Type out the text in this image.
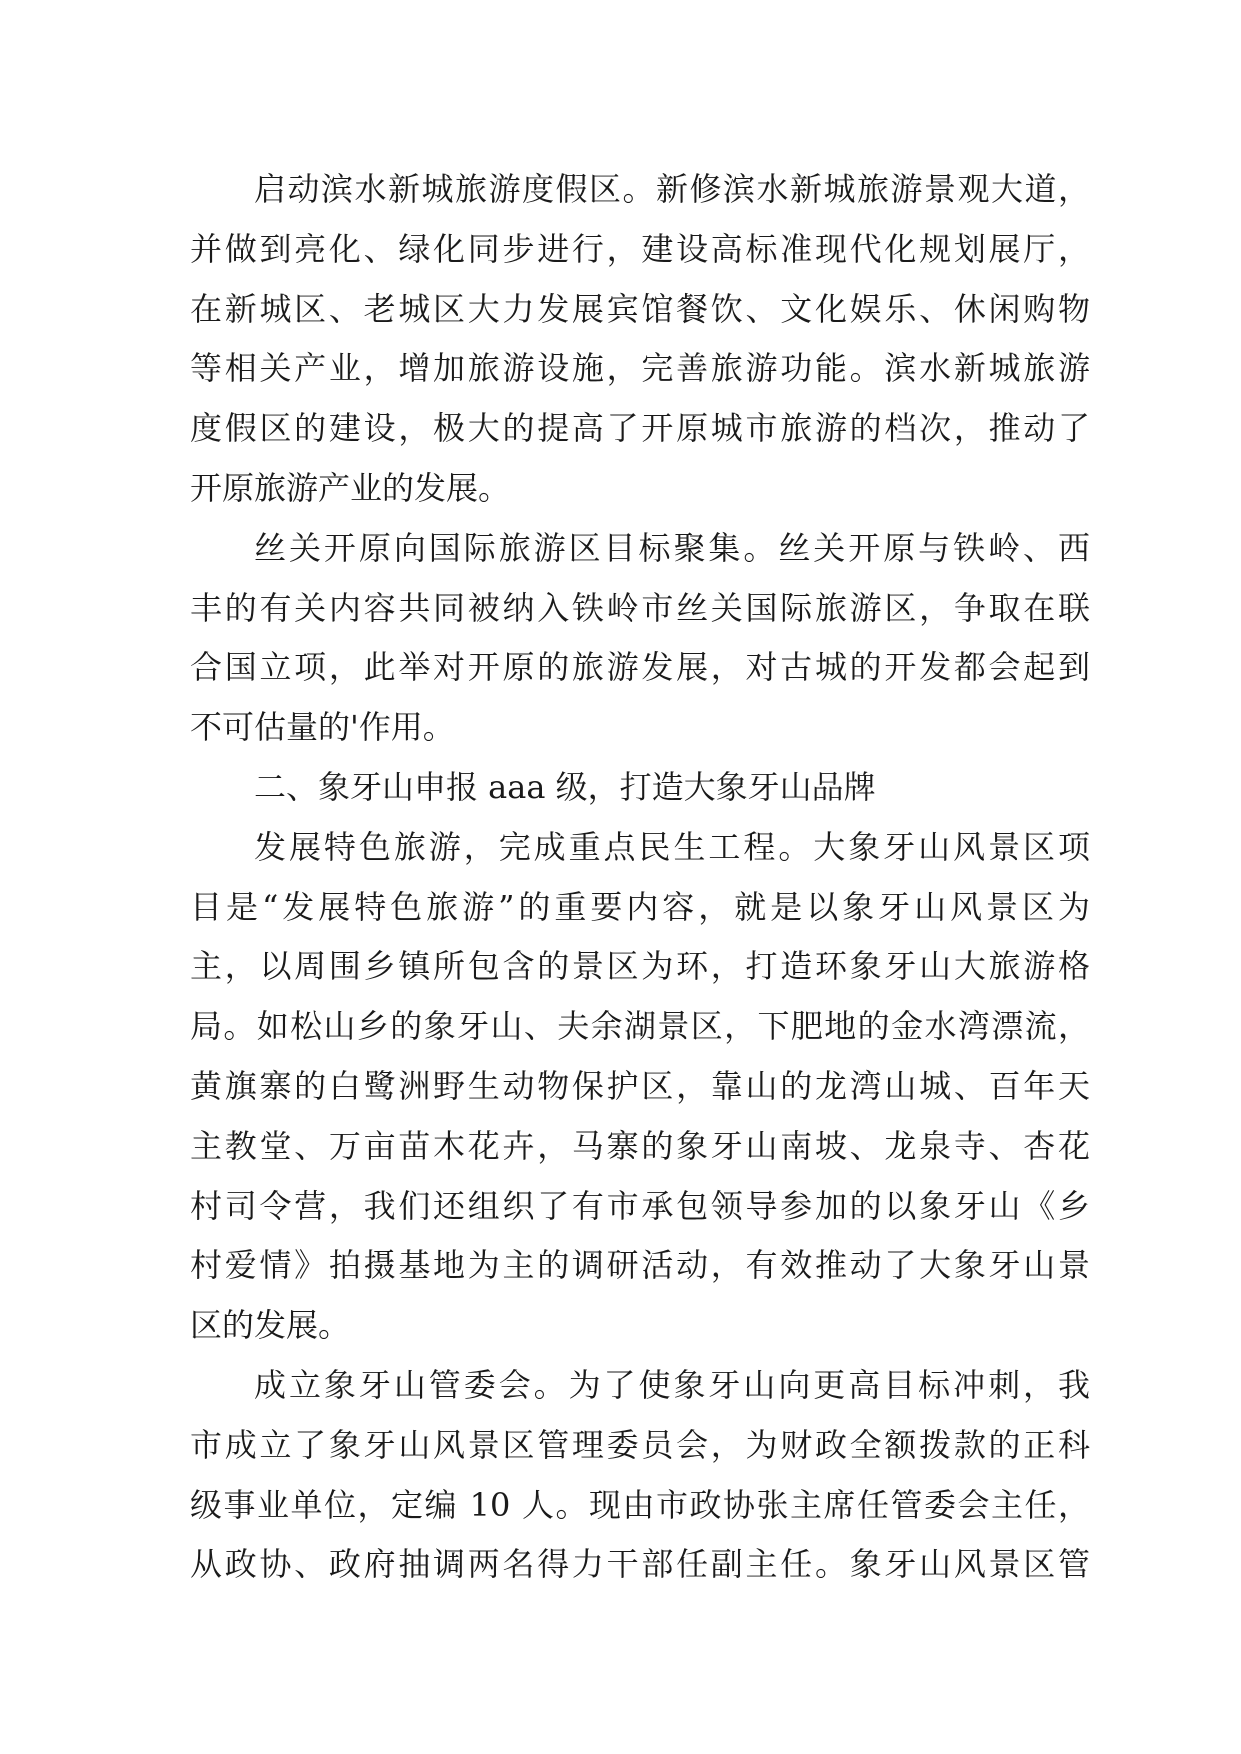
启动滨水新城旅游度假区。新修滨水新城旅游景观大道，
并做到亮化、绿化同步进行，建设高标准现代化规划展厅，
在新城区、老城区大力发展宾馆餐饮、文化娱乐、休闲购物
等相关产业，增加旅游设施，完善旅游功能。滨水新城旅游
度假区的建设，极大的提高了开原城市旅游的档次，推动了
开原旅游产业的发展。
丝关开原向国际旅游区目标聚集。丝关开原与铁岭、西
丰的有关内容共同被纳入铁岭市丝关国际旅游区，争取在联
合国立项，此举对开原的旅游发展，对古城的开发都会起到
不可估量的'作用。
二、象牙山申报 aaa 级，打造大象牙山品牌
发展特色旅游，完成重点民生工程。大象牙山风景区项
目是“发展特色旅游”的重要内容，就是以象牙山风景区为
主，以周围乡镇所包含的景区为环，打造环象牙山大旅游格
局。如松山乡的象牙山、夫余湖景区，下肥地的金水湾漂流，
黄旗寨的白鹭洲野生动物保护区，靠山的龙湾山城、百年天
主教堂、万亩苗木花卉，马寨的象牙山南坡、龙泉寺、杏花
村司令营，我们还组织了有市承包领导参加的以象牙山《乡
村爱情》拍摄基地为主的调研活动，有效推动了大象牙山景
区的发展。
成立象牙山管委会。为了使象牙山向更高目标冲刺，我
市成立了象牙山风景区管理委员会，为财政全额拨款的正科
级事业单位，定编 10 人。现由市政协张主席任管委会主任，
从政协、政府抽调两名得力干部任副主任。象牙山风景区管
